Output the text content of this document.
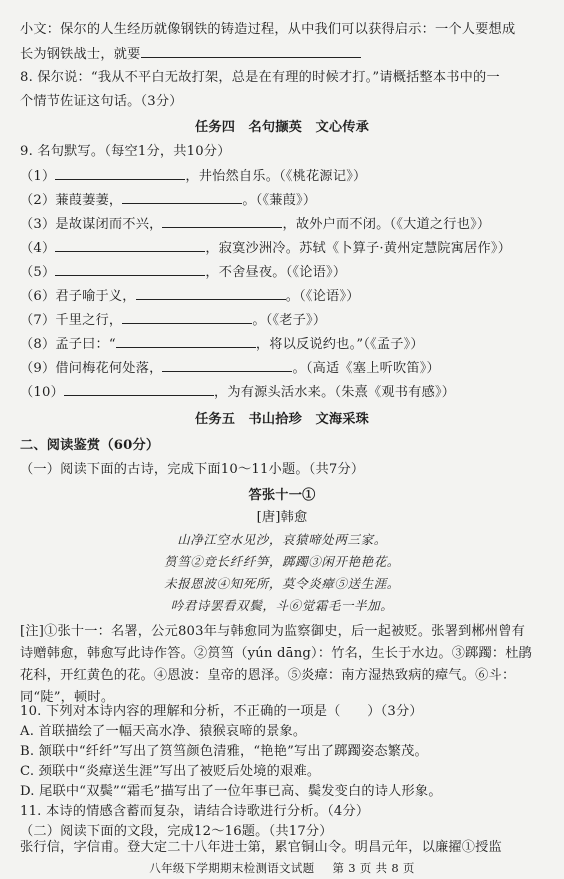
小文：保尔的人生经历就像钢铁的铸造过程，从中我们可以获得启示：一个人要想成
长为钢铁战士，就要
8. 保尔说：“我从不平白无故打架，总是在有理的时候才打。”请概括整本书中的一
个情节佐证这句话。（3分）
任务四　名句撷英　文心传承
9. 名句默写。（每空1分，共10分）
（1）	，井怡然自乐。（《桃花源记》）
（2）蒹葭萋萋，	。（《蒹葭》）
（3）是故谋闭而不兴，	，故外户而不闭。（《大道之行也》）
（4）	，寂寞沙洲冷。苏轼《卜算子·黄州定慧院寓居作》）
（5）	，不舍昼夜。（《论语》）
（6）君子喻于义，	。（《论语》）
（7）千里之行，	。（《老子》）
（8）孟子曰：“	，将以反说约也。”（《孟子》）
（9）借问梅花何处落，	。（高适《塞上听吹笛》）
（10）	，为有源头活水来。（朱熹《观书有感》）
任务五　书山拾珍　文海采珠
二、阅读鉴赏（60分）
（一）阅读下面的古诗，完成下面10～11小题。（共7分）
答张十一①
[唐]韩愈
山净江空水见沙，哀猿啼处两三家。
筼筜②竞长纤纤笋，踯躅③闲开艳艳花。
未报恩波④知死所，莫令炎瘴⑤送生涯。
吟君诗罢看双鬓，斗⑥觉霜毛一半加。
[注]①张十一：名署，公元803年与韩愈同为监察御史，后一起被贬。张署到郴州曾有
诗赠韩愈，韩愈写此诗作答。②筼筜（yún dāng）：竹名，生长于水边。③踯躅：杜鹃
花科，开红黄色的花。④恩波：皇帝的恩泽。⑤炎瘴：南方湿热致病的瘴气。⑥斗：
同“陡”，顿时。
10. 下列对本诗内容的理解和分析，不正确的一项是（　　）（3分）
A. 首联描绘了一幅天高水净、猿猴哀啼的景象。
B. 颔联中“纤纤”写出了筼筜颜色清雅，“艳艳”写出了踯躅姿态繁茂。
C. 颈联中“炎瘴送生涯”写出了被贬后处境的艰难。
D. 尾联中“双鬓”“霜毛”描写出了一位年事已高、鬓发变白的诗人形象。
11. 本诗的情感含蓄而复杂，请结合诗歌进行分析。（4分）
（二）阅读下面的文段，完成12～16题。（共17分）
张行信，字信甫。登大定二十八年进士第，累官铜山令。明昌元年，以廉擢①授监
八年级下学期期末检测语文试题 第 3 页 共 8 页
